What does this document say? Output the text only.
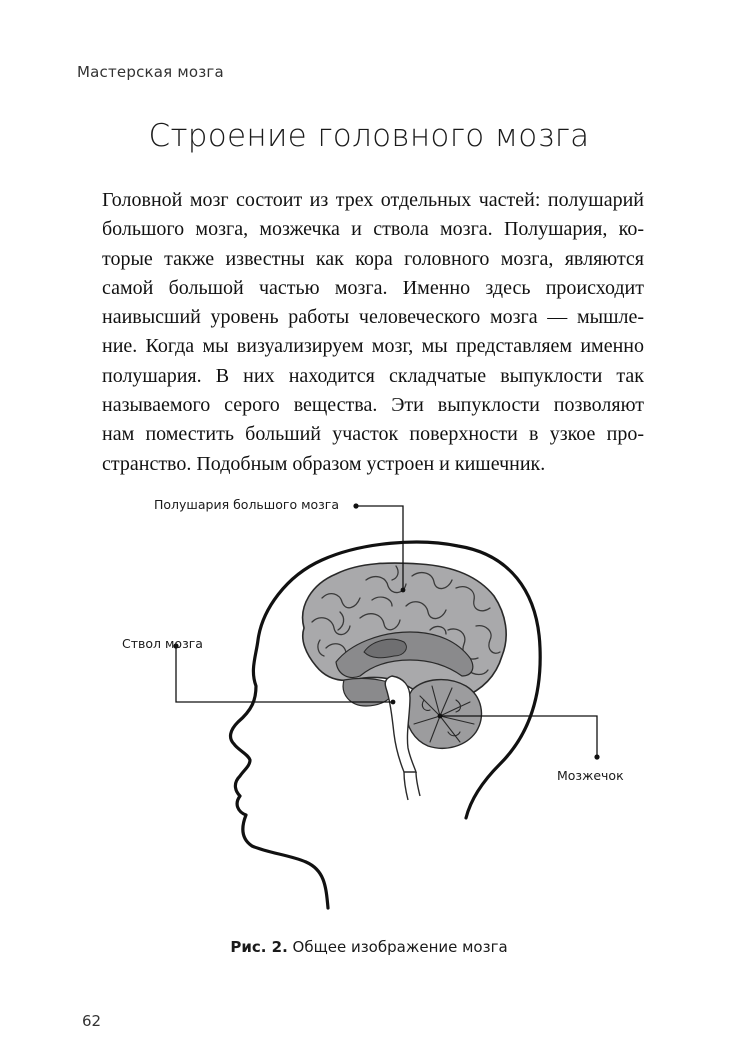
Мастерская мозга
Строение головного мозга
Головной мозг состоит из трех отдельных частей: полушарий
большого мозга, мозжечка и ствола мозга. Полушария, ко-
торые также известны как кора головного мозга, являются
самой большой частью мозга. Именно здесь происходит
наивысший уровень работы человеческого мозга — мышле-
ние. Когда мы визуализируем мозг, мы представляем именно
полушария. В них находится складчатые выпуклости так
называемого серого вещества. Эти выпуклости позволяют
нам поместить больший участок поверхности в узкое про-
странство. Подобным образом устроен и кишечник.
Полушария большого мозга
Ствол мозга
Мозжечок
Рис. 2. Общее изображение мозга
62
